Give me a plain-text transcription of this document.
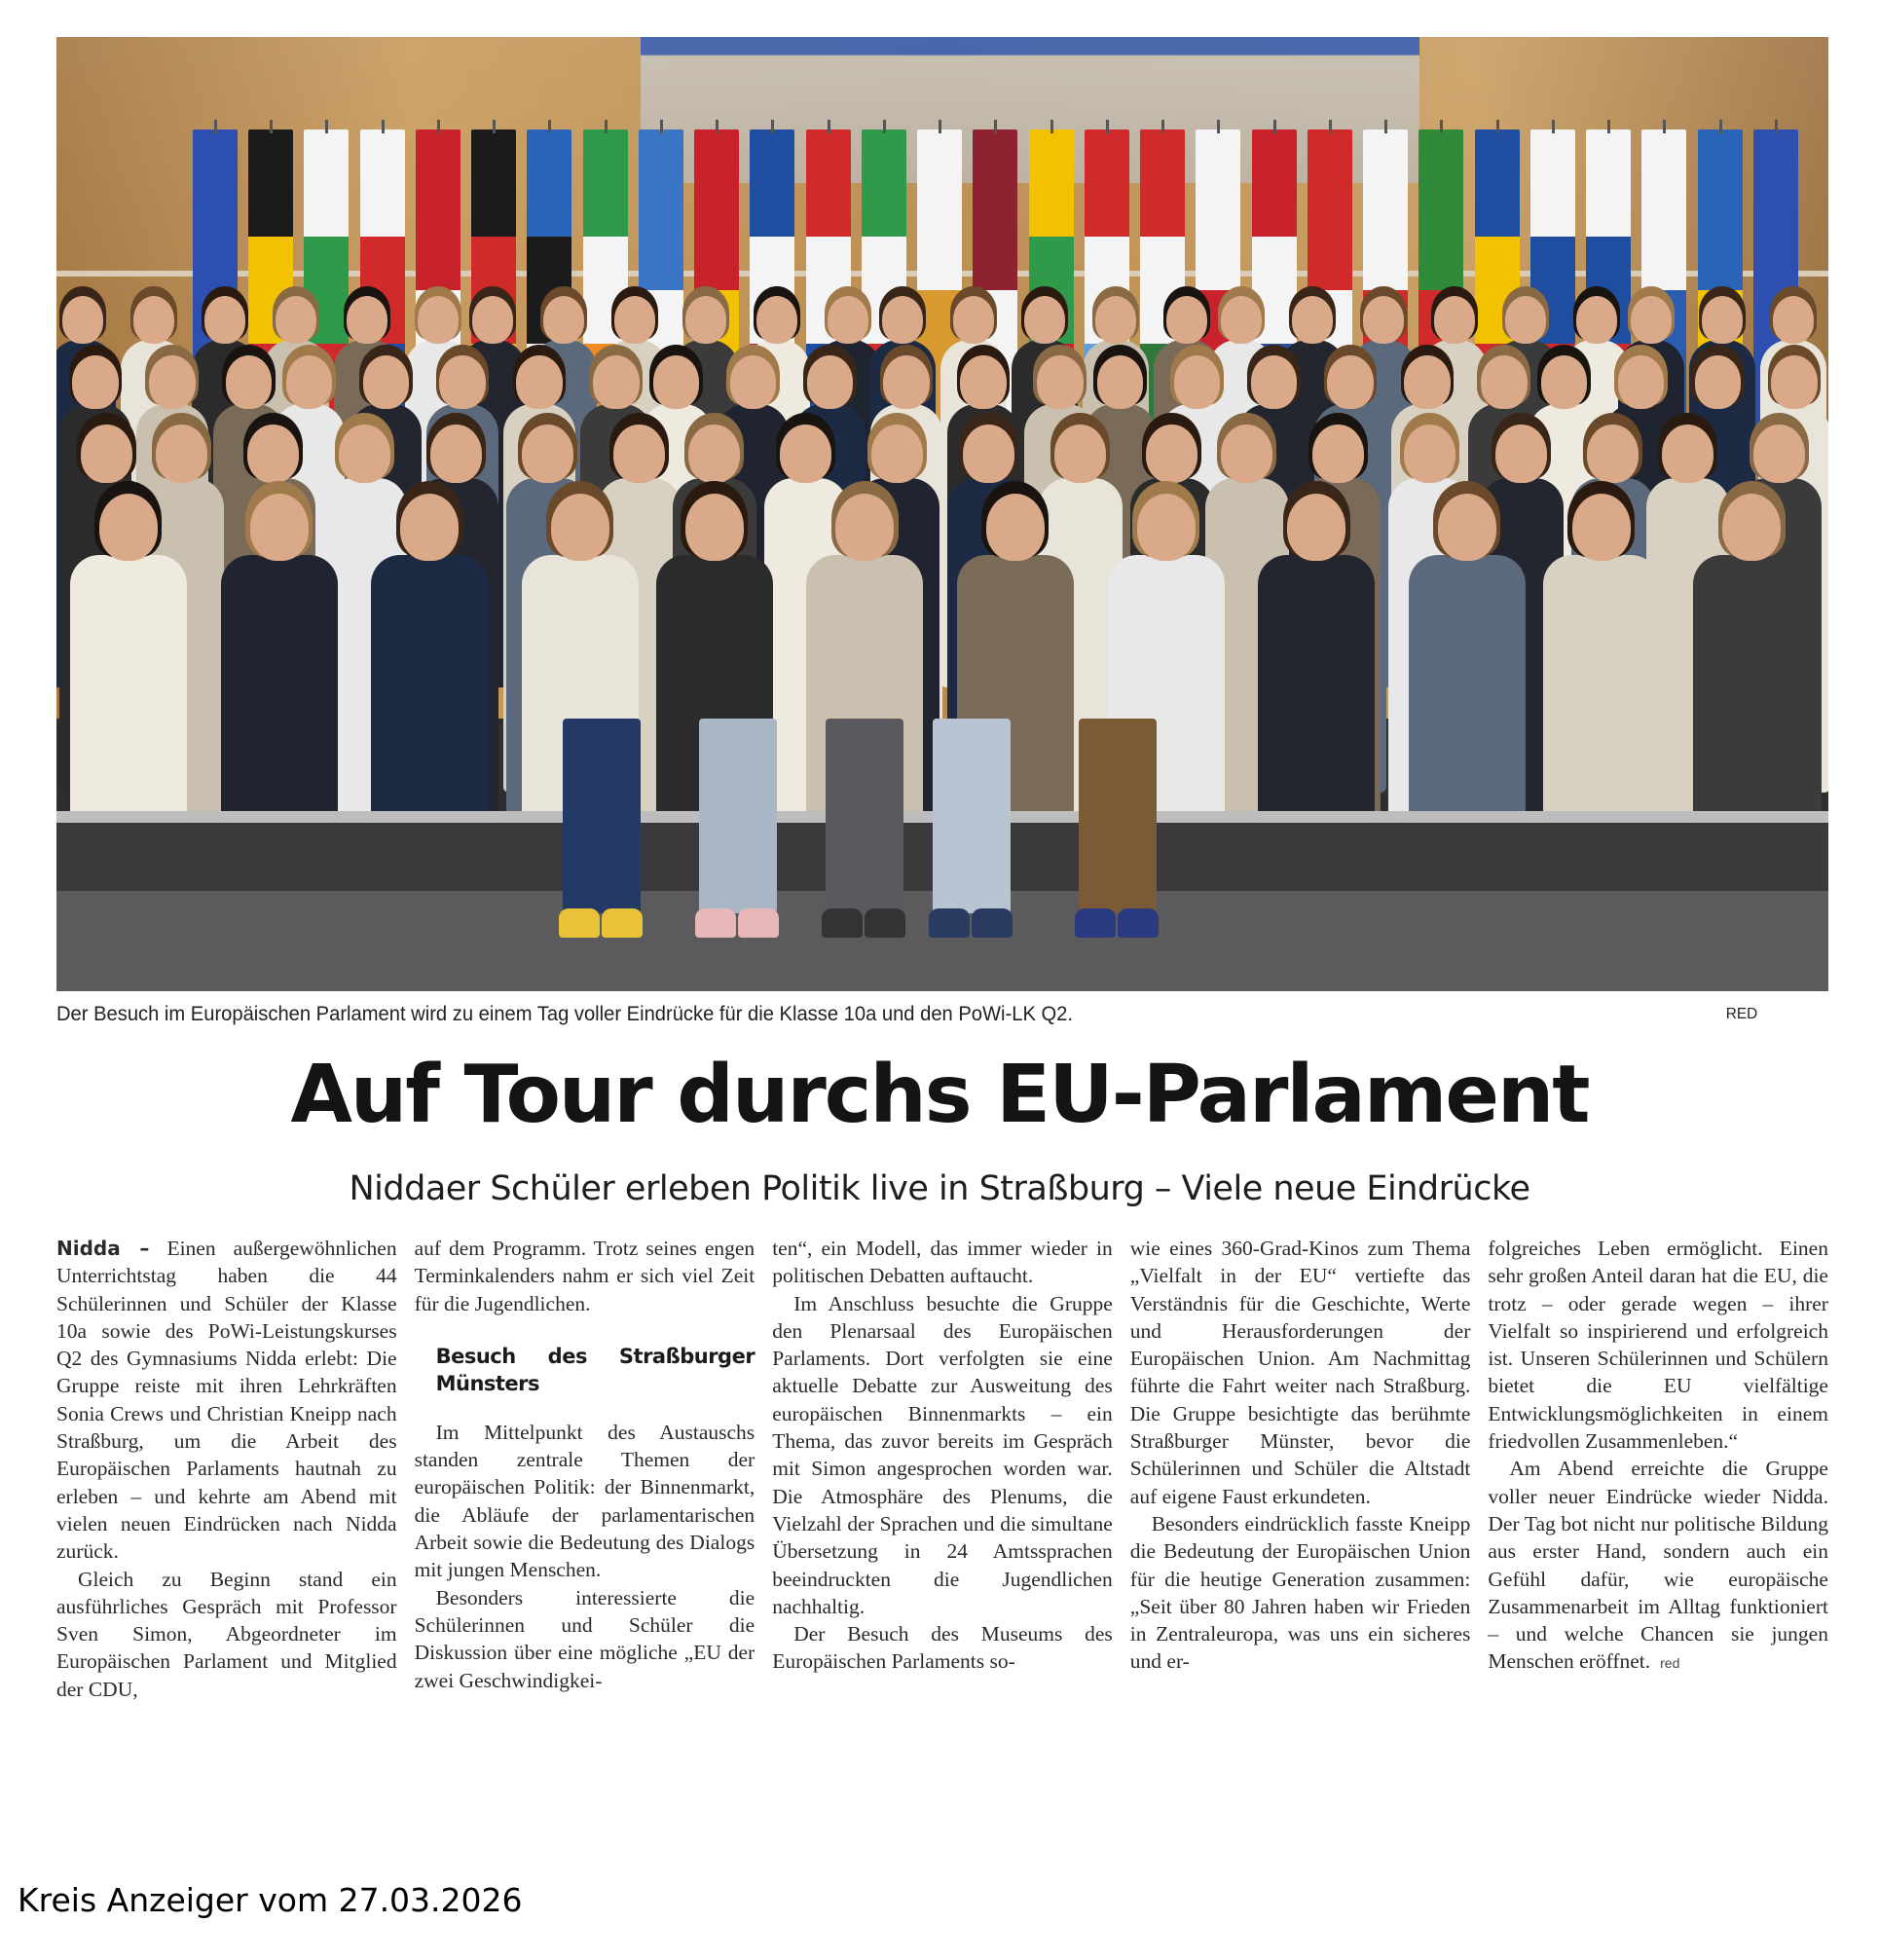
Der Besuch im Europäischen Parlament wird zu einem Tag voller Eindrücke für die Klasse 10a und den PoWi-LK Q2.	RED
Auf Tour durchs EU-Parlament
Niddaer Schüler erleben Politik live in Straßburg – Viele neue Eindrücke

Nidda – Einen außergewöhnlichen Unterrichtstag haben die 44 Schülerinnen und Schüler der Klasse 10a sowie des PoWi-Leistungskurses Q2 des Gymnasiums Nidda erlebt: Die Gruppe reiste mit ihren Lehrkräften Sonia Crews und Christian Kneipp nach Straßburg, um die Arbeit des Europäischen Parlaments hautnah zu erleben – und kehrte am Abend mit vielen neuen Eindrücken nach Nidda zurück.

Gleich zu Beginn stand ein ausführliches Gespräch mit Professor Sven Simon, Abgeordneter im Europäischen Parlament und Mitglied der CDU,

auf dem Programm. Trotz seines engen Terminkalenders nahm er sich viel Zeit für die Jugendlichen.

Besuch des Straßburger Münsters

Im Mittelpunkt des Austauschs standen zentrale Themen der europäischen Politik: der Binnenmarkt, die Abläufe der parlamentarischen Arbeit sowie die Bedeutung des Dialogs mit jungen Menschen.

Besonders interessierte die Schülerinnen und Schüler die Diskussion über eine mögliche „EU der zwei Geschwindigkei-

ten“, ein Modell, das immer wieder in politischen Debatten auftaucht.

Im Anschluss besuchte die Gruppe den Plenarsaal des Europäischen Parlaments. Dort verfolgten sie eine aktuelle Debatte zur Ausweitung des europäischen Binnenmarkts – ein Thema, das zuvor bereits im Gespräch mit Simon angesprochen worden war. Die Atmosphäre des Plenums, die Vielzahl der Sprachen und die simultane Übersetzung in 24 Amtssprachen beeindruckten die Jugendlichen nachhaltig.

Der Besuch des Museums des Europäischen Parlaments so-

wie eines 360-Grad-Kinos zum Thema „Vielfalt in der EU“ vertiefte das Verständnis für die Geschichte, Werte und Herausforderungen der Europäischen Union. Am Nachmittag führte die Fahrt weiter nach Straßburg. Die Gruppe besichtigte das berühmte Straßburger Münster, bevor die Schülerinnen und Schüler die Altstadt auf eigene Faust erkundeten.

Besonders eindrücklich fasste Kneipp die Bedeutung der Europäischen Union für die heutige Generation zusammen: „Seit über 80 Jahren haben wir Frieden in Zentraleuropa, was uns ein sicheres und er-

folgreiches Leben ermöglicht. Einen sehr großen Anteil daran hat die EU, die trotz – oder gerade wegen – ihrer Vielfalt so inspirierend und erfolgreich ist. Unseren Schülerinnen und Schülern bietet die EU vielfältige Entwicklungsmöglichkeiten in einem friedvollen Zusammenleben.“

Am Abend erreichte die Gruppe voller neuer Eindrücke wieder Nidda. Der Tag bot nicht nur politische Bildung aus erster Hand, sondern auch ein Gefühl dafür, wie europäische Zusammenarbeit im Alltag funktioniert – und welche Chancen sie jungen Menschen eröffnet. red

Kreis Anzeiger vom 27.03.2026
